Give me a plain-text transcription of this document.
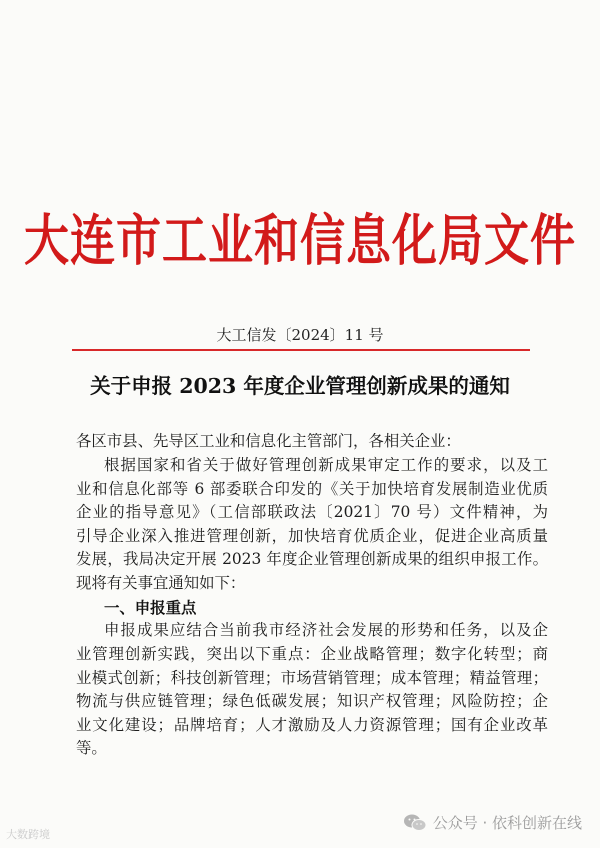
大连市工业和信息化局文件
大工信发〔2024〕11 号
关于申报 2023 年度企业管理创新成果的通知
各区市县、先导区工业和信息化主管部门，各相关企业：
根据国家和省关于做好管理创新成果审定工作的要求，以及工
业和信息化部等 6 部委联合印发的《关于加快培育发展制造业优质
企业的指导意见》（工信部联政法〔2021〕70 号）文件精神，为
引导企业深入推进管理创新，加快培育优质企业，促进企业高质量
发展，我局决定开展 2023 年度企业管理创新成果的组织申报工作。
现将有关事宜通知如下：
一、申报重点
申报成果应结合当前我市经济社会发展的形势和任务，以及企
业管理创新实践，突出以下重点：企业战略管理；数字化转型；商
业模式创新；科技创新管理；市场营销管理；成本管理；精益管理；
物流与供应链管理；绿色低碳发展；知识产权管理；风险防控；企
业文化建设；品牌培育；人才激励及人力资源管理；国有企业改革
等。
大数跨境
公众号 · 依科创新在线
